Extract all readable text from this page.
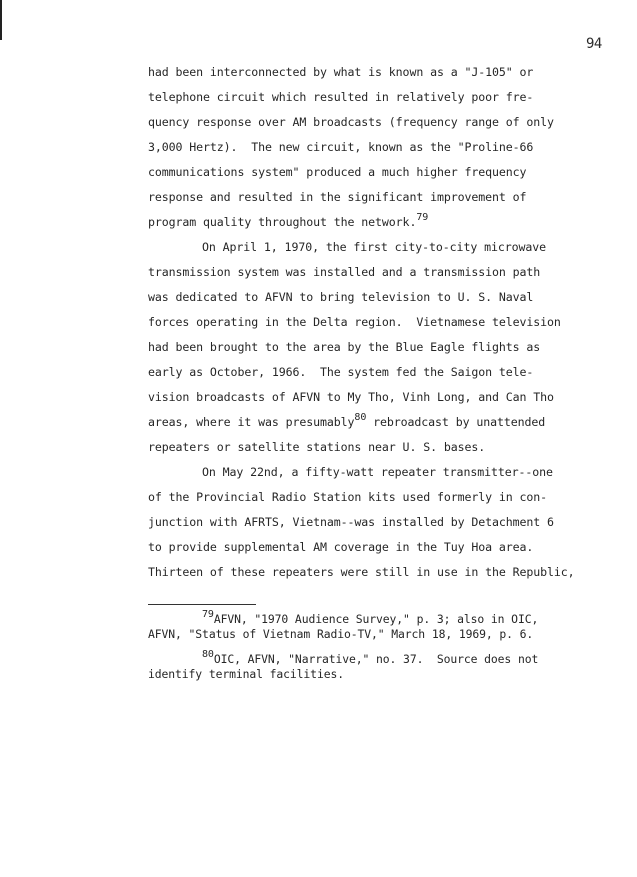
94
had been interconnected by what is known as a "J-105" or
telephone circuit which resulted in relatively poor fre-
quency response over AM broadcasts (frequency range of only
3,000 Hertz).  The new circuit, known as the "Proline-66
communications system" produced a much higher frequency
response and resulted in the significant improvement of
program quality throughout the network.79
On April 1, 1970, the first city-to-city microwave
transmission system was installed and a transmission path
was dedicated to AFVN to bring television to U. S. Naval
forces operating in the Delta region.  Vietnamese television
had been brought to the area by the Blue Eagle flights as
early as October, 1966.  The system fed the Saigon tele-
vision broadcasts of AFVN to My Tho, Vinh Long, and Can Tho
areas, where it was presumably80 rebroadcast by unattended
repeaters or satellite stations near U. S. bases.
On May 22nd, a fifty-watt repeater transmitter--one
of the Provincial Radio Station kits used formerly in con-
junction with AFRTS, Vietnam--was installed by Detachment 6
to provide supplemental AM coverage in the Tuy Hoa area.
Thirteen of these repeaters were still in use in the Republic,
79AFVN, "1970 Audience Survey," p. 3; also in OIC,
AFVN, "Status of Vietnam Radio-TV," March 18, 1969, p. 6.
80OIC, AFVN, "Narrative," no. 37.  Source does not
identify terminal facilities.
